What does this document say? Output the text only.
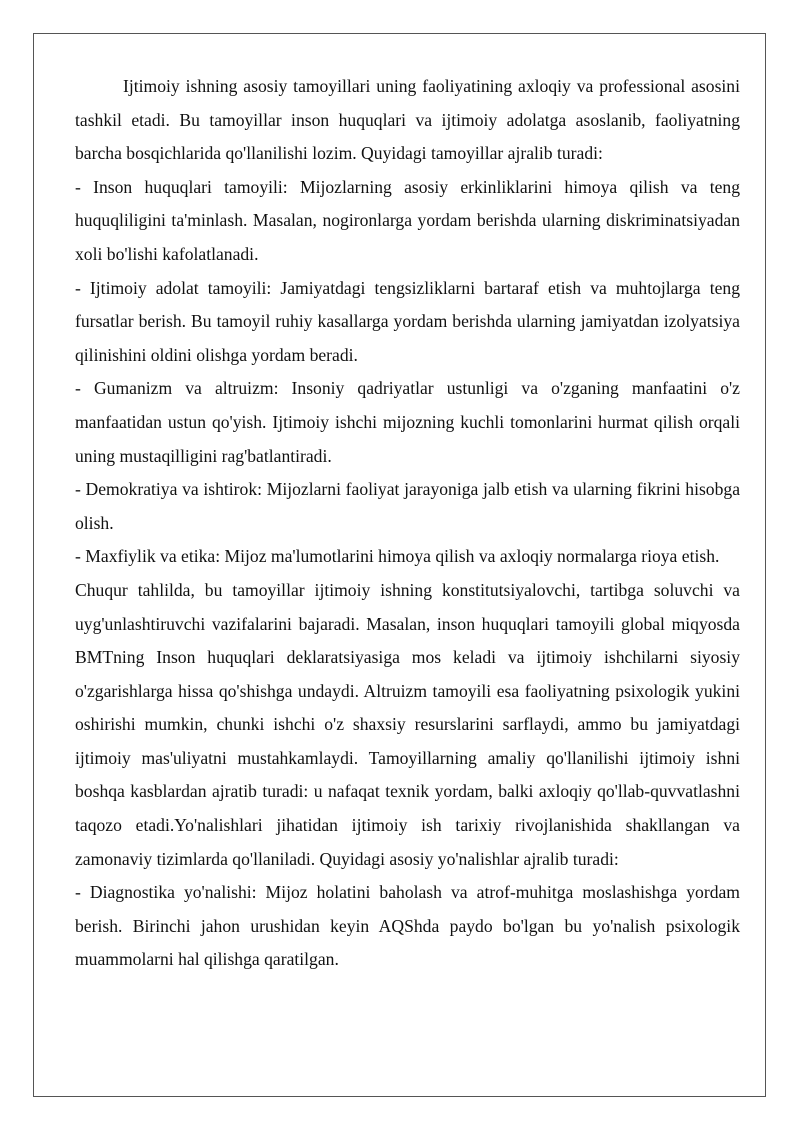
Ijtimoiy ishning asosiy tamoyillari uning faoliyatining axloqiy va professional asosini tashkil etadi. Bu tamoyillar inson huquqlari va ijtimoiy adolatga asoslanib, faoliyatning barcha bosqichlarida qo'llanilishi lozim. Quyidagi tamoyillar ajralib turadi:

- Inson huquqlari tamoyili: Mijozlarning asosiy erkinliklarini himoya qilish va teng huquqliligini ta'minlash. Masalan, nogironlarga yordam berishda ularning diskriminatsiyadan xoli bo'lishi kafolatlanadi.

- Ijtimoiy adolat tamoyili: Jamiyatdagi tengsizliklarni bartaraf etish va muhtojlarga teng fursatlar berish. Bu tamoyil ruhiy kasallarga yordam berishda ularning jamiyatdan izolyatsiya qilinishini oldini olishga yordam beradi.

- Gumanizm va altruizm: Insoniy qadriyatlar ustunligi va o'zganing manfaatini o'z manfaatidan ustun qo'yish. Ijtimoiy ishchi mijozning kuchli tomonlarini hurmat qilish orqali uning mustaqilligini rag'batlantiradi.

- Demokratiya va ishtirok: Mijozlarni faoliyat jarayoniga jalb etish va ularning fikrini hisobga olish.

- Maxfiylik va etika: Mijoz ma'lumotlarini himoya qilish va axloqiy normalarga rioya etish.

Chuqur tahlilda, bu tamoyillar ijtimoiy ishning konstitutsiyalovchi, tartibga soluvchi va uyg'unlashtiruvchi vazifalarini bajaradi. Masalan, inson huquqlari tamoyili global miqyosda BMTning Inson huquqlari deklaratsiyasiga mos keladi va ijtimoiy ishchilarni siyosiy o'zgarishlarga hissa qo'shishga undaydi. Altruizm tamoyili esa faoliyatning psixologik yukini oshirishi mumkin, chunki ishchi o'z shaxsiy resurslarini sarflaydi, ammo bu jamiyatdagi ijtimoiy mas'uliyatni mustahkamlaydi. Tamoyillarning amaliy qo'llanilishi ijtimoiy ishni boshqa kasblardan ajratib turadi: u nafaqat texnik yordam, balki axloqiy qo'llab-quvvatlashni taqozo etadi.Yo'nalishlari jihatidan ijtimoiy ish tarixiy rivojlanishida shakllangan va zamonaviy tizimlarda qo'llaniladi. Quyidagi asosiy yo'nalishlar ajralib turadi:

- Diagnostika yo'nalishi: Mijoz holatini baholash va atrof-muhitga moslashishga yordam berish. Birinchi jahon urushidan keyin AQShda paydo bo'lgan bu yo'nalish psixologik muammolarni hal qilishga qaratilgan.
